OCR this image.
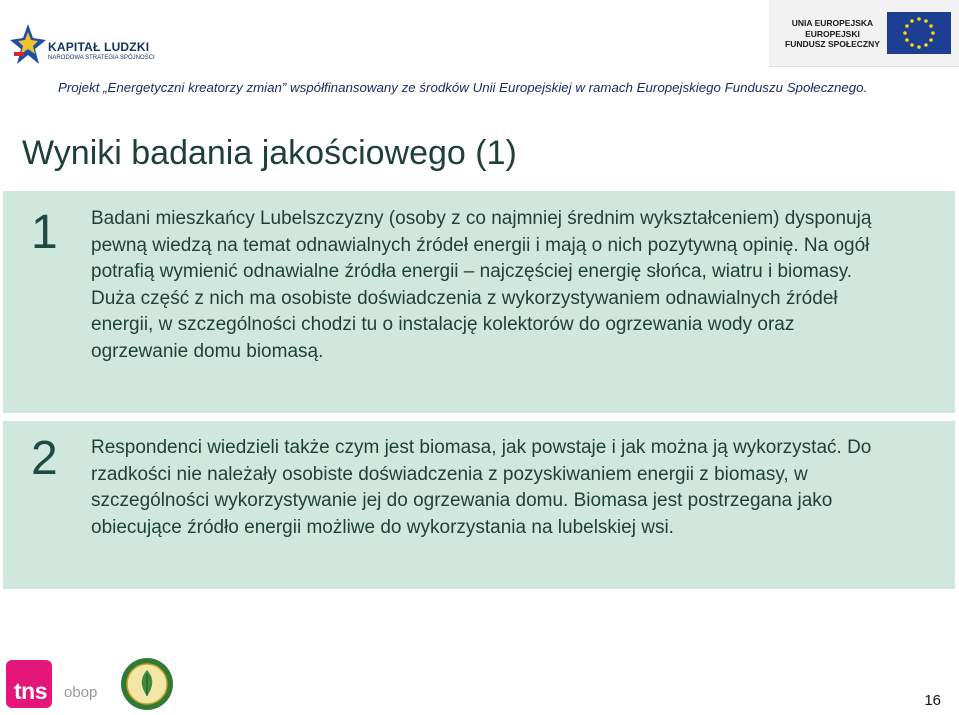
KAPITAŁ LUDZKI
NARODOWA STRATEGIA SPÓJNOŚCI
UNIA EUROPEJSKA
EUROPEJSKI
FUNDUSZ SPOŁECZNY
Projekt „Energetyczni kreatorzy zmian” współfinansowany ze środków Unii Europejskiej w ramach Europejskiego Funduszu Społecznego.
Wyniki badania jakościowego (1)
1 Badani mieszkańcy Lubelszczyzny (osoby z co najmniej średnim wykształceniem) dysponują pewną wiedzą na temat odnawialnych źródeł energii i mają o nich pozytywną opinię. Na ogół potrafią wymienić odnawialne źródła energii – najczęściej energię słońca, wiatru i biomasy. Duża część z nich ma osobiste doświadczenia z wykorzystywaniem odnawialnych źródeł energii, w szczególności chodzi tu o instalację kolektorów do ogrzewania wody oraz ogrzewanie domu biomasą.
2 Respondenci wiedzieli także czym jest biomasa, jak powstaje i jak można ją wykorzystać. Do rzadkości nie należały osobiste doświadczenia z pozyskiwaniem energii z biomasy, w szczególności wykorzystywanie jej do ogrzewania domu. Biomasa jest postrzegana jako obiecujące źródło energii możliwe do wykorzystania na lubelskiej wsi.
tns obop	16
